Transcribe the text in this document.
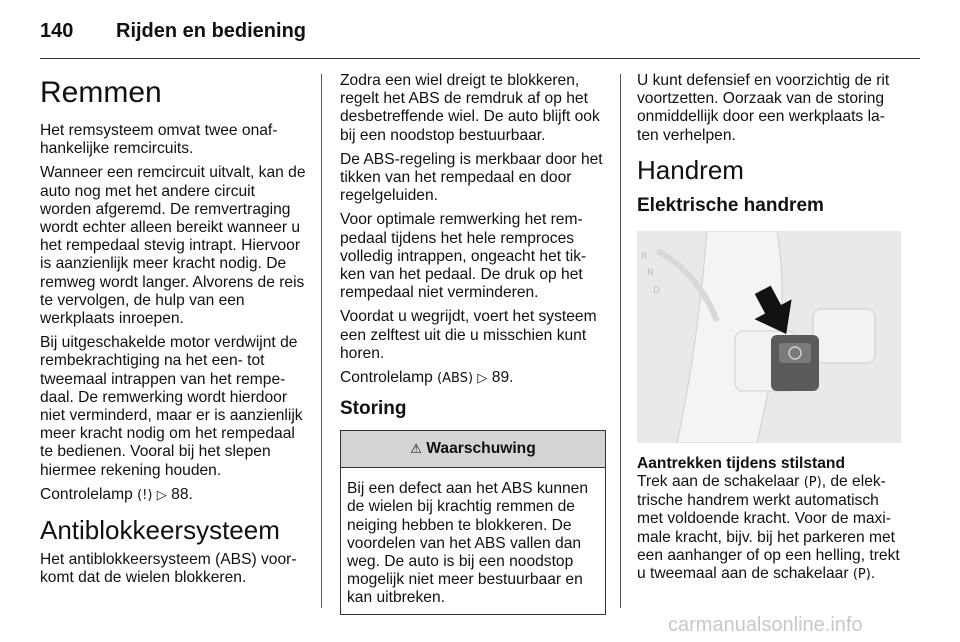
140 Rijden en bediening
Remmen

Het remsysteem omvat twee onaf-hankelijke remcircuits.

Wanneer een remcircuit uitvalt, kan de auto nog met het andere circuit worden afgeremd. De remvertraging wordt echter alleen bereikt wanneer u het rempedaal stevig intrapt. Hiervoor is aanzienlijk meer kracht nodig. De remweg wordt langer. Alvorens de reis te vervolgen, de hulp van een werkplaats inroepen.

Bij uitgeschakelde motor verdwijnt de rembekrachtiging na het een- tot tweemaal intrappen van het rempe-daal. De remwerking wordt hierdoor niet verminderd, maar er is aanzienlijk meer kracht nodig om het rempedaal te bedienen. Vooral bij het slepen hiermee rekening houden.

Controlelamp (!) ▷ 88.

Antiblokkeersysteem

Het antiblokkeersysteem (ABS) voor-komt dat de wielen blokkeren.

Zodra een wiel dreigt te blokkeren, regelt het ABS de remdruk af op het desbetreffende wiel. De auto blijft ook bij een noodstop bestuurbaar.

De ABS-regeling is merkbaar door het tikken van het rempedaal en door regelgeluiden.

Voor optimale remwerking het rem-pedaal tijdens het hele remproces volledig intrappen, ongeacht het tik-ken van het pedaal. De druk op het rempedaal niet verminderen.

Voordat u wegrijdt, voert het systeem een zelftest uit die u misschien kunt horen.

Controlelamp (ABS) ▷ 89.

Storing
⚠ Waarschuwing
Bij een defect aan het ABS kunnen de wielen bij krachtig remmen de neiging hebben te blokkeren. De voordelen van het ABS vallen dan weg. De auto is bij een noodstop mogelijk niet meer bestuurbaar en kan uitbreken.

U kunt defensief en voorzichtig de rit voortzetten. Oorzaak van de storing onmiddellijk door een werkplaats la-ten verhelpen.

Handrem
Elektrische handrem
R
N
D
Aantrekken tijdens stilstand

Trek aan de schakelaar (P), de elek-trische handrem werkt automatisch met voldoende kracht. Voor de maxi-male kracht, bijv. bij het parkeren met een aanhanger of op een helling, trekt u tweemaal aan de schakelaar (P).

carmanualsonline.info
